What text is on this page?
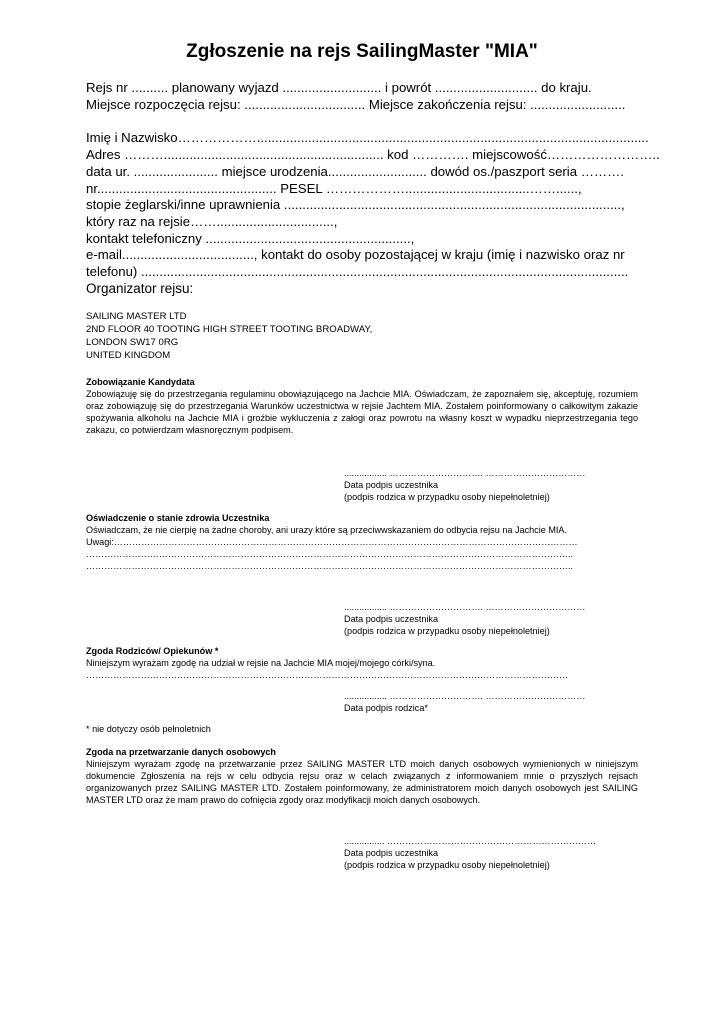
Zgłoszenie na rejs SailingMaster "MIA"
Rejs nr .......... planowany wyjazd ........................... i powrót ............................ do kraju.
Miejsce rozpoczęcia rejsu: ................................. Miejsce zakończenia rejsu: ..........................
Imię i Nazwisko………………...........................................................................................................
Adres ………............................................................ kod …………. miejscowość……………………..
data ur. ....................... miejsce urodzenia........................... dowód os./paszport seria ……….
nr................................................. PESEL ………………..................................……......,
stopie żeglarski/inne uprawnienia ............................................................................................,
który raz na rejsie……................................,
kontakt telefoniczny ........................................................,
e-mail...................................., kontakt do osoby pozostającej w kraju (imię i nazwisko oraz nr
telefonu) .....................................................................................................................................
Organizator rejsu:
SAILING MASTER LTD
2ND FLOOR 40 TOOTING HIGH STREET TOOTING BROADWAY,
LONDON SW17 0RG
UNITED KINGDOM
Zobowiązanie Kandydata
Zobowiązuję się do przestrzegania regulaminu obowiązującego na Jachcie MIA. Oświadczam, że zapoznałem się, akceptuję, rozumiem oraz zobowiązuję się do przestrzegania Warunków uczestnictwa w rejsie Jachtem MIA. Zostałem poinformowany o całkowitym zakazie spożywania alkoholu na Jachcie MIA i groźbie wykluczenia z załogi oraz powrotu na własny koszt w wypadku nieprzestrzegania tego zakazu, co potwierdzam własnoręcznym podpisem.
................. …………………………. ……………………………
Data podpis uczestnika
(podpis rodzica w przypadku osoby niepełnoletniej)
Oświadczenie o stanie zdrowia Uczestnika
Oświadczam, że nie cierpię na żadne choroby, ani urazy które są przeciwwskazaniem do odbycia rejsu na Jachcie MIA.
Uwagi:………………………………………………………………………………………………………………………………………
……………………………………………………………………………………………………………………………………………..
……………………………………………………………………………………………………………………………………………..
................. …………………………. ……………………………
Data podpis uczestnika
(podpis rodzica w przypadku osoby niepełnoletniej)
Zgoda Rodziców/ Opiekunów *
Niniejszym wyrażam zgodę na udział w rejsie na Jachcie MIA mojej/mojego córki/syna.
……………………………………………………………………………………………………………………………………………
................. …………………………. ……………………………
Data podpis rodzica*
* nie dotyczy osób pełnoletnich
Zgoda na przetwarzanie danych osobowych
Niniejszym wyrażam zgodę na przetwarzanie przez SAILING MASTER LTD moich danych osobowych wymienionych w niniejszym dokumencie Zgłoszenia na rejs w celu odbycia rejsu oraz w celach związanych z informowaniem mnie o przyszłych rejsach organizowanych przez SAILING MASTER LTD. Zostałem poinformowany, że administratorem moich danych osobowych jest SAILING MASTER LTD oraz że mam prawo do cofnięcia zgody oraz modyfikacji moich danych osobowych.
................ ……………………………………………………………
Data podpis uczestnika
(podpis rodzica w przypadku osoby niepełnoletniej)
